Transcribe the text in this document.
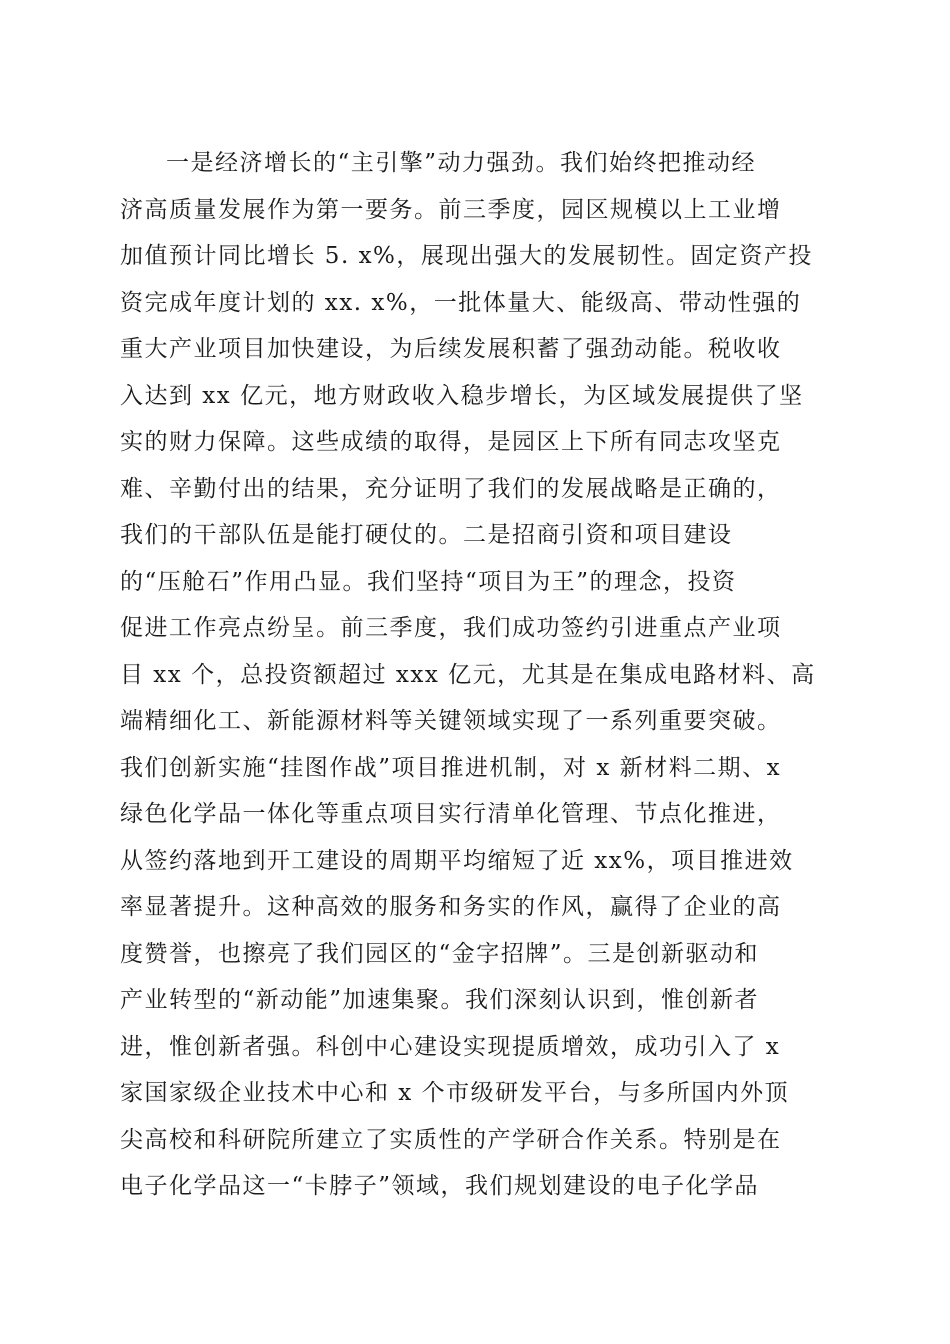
一是经济增长的“主引擎”动力强劲。我们始终把推动经
济高质量发展作为第一要务。前三季度，园区规模以上工业增
加值预计同比增长 5. x%，展现出强大的发展韧性。固定资产投
资完成年度计划的 xx. x%，一批体量大、能级高、带动性强的
重大产业项目加快建设，为后续发展积蓄了强劲动能。税收收
入达到 xx 亿元，地方财政收入稳步增长，为区域发展提供了坚
实的财力保障。这些成绩的取得，是园区上下所有同志攻坚克
难、辛勤付出的结果，充分证明了我们的发展战略是正确的，
我们的干部队伍是能打硬仗的。二是招商引资和项目建设
的“压舱石”作用凸显。我们坚持“项目为王”的理念，投资
促进工作亮点纷呈。前三季度，我们成功签约引进重点产业项
目 xx 个，总投资额超过 xxx 亿元，尤其是在集成电路材料、高
端精细化工、新能源材料等关键领域实现了一系列重要突破。
我们创新实施“挂图作战”项目推进机制，对 x 新材料二期、x
绿色化学品一体化等重点项目实行清单化管理、节点化推进，
从签约落地到开工建设的周期平均缩短了近 xx%，项目推进效
率显著提升。这种高效的服务和务实的作风，赢得了企业的高
度赞誉，也擦亮了我们园区的“金字招牌”。三是创新驱动和
产业转型的“新动能”加速集聚。我们深刻认识到，惟创新者
进，惟创新者强。科创中心建设实现提质增效，成功引入了 x
家国家级企业技术中心和 x 个市级研发平台，与多所国内外顶
尖高校和科研院所建立了实质性的产学研合作关系。特别是在
电子化学品这一“卡脖子”领域，我们规划建设的电子化学品
